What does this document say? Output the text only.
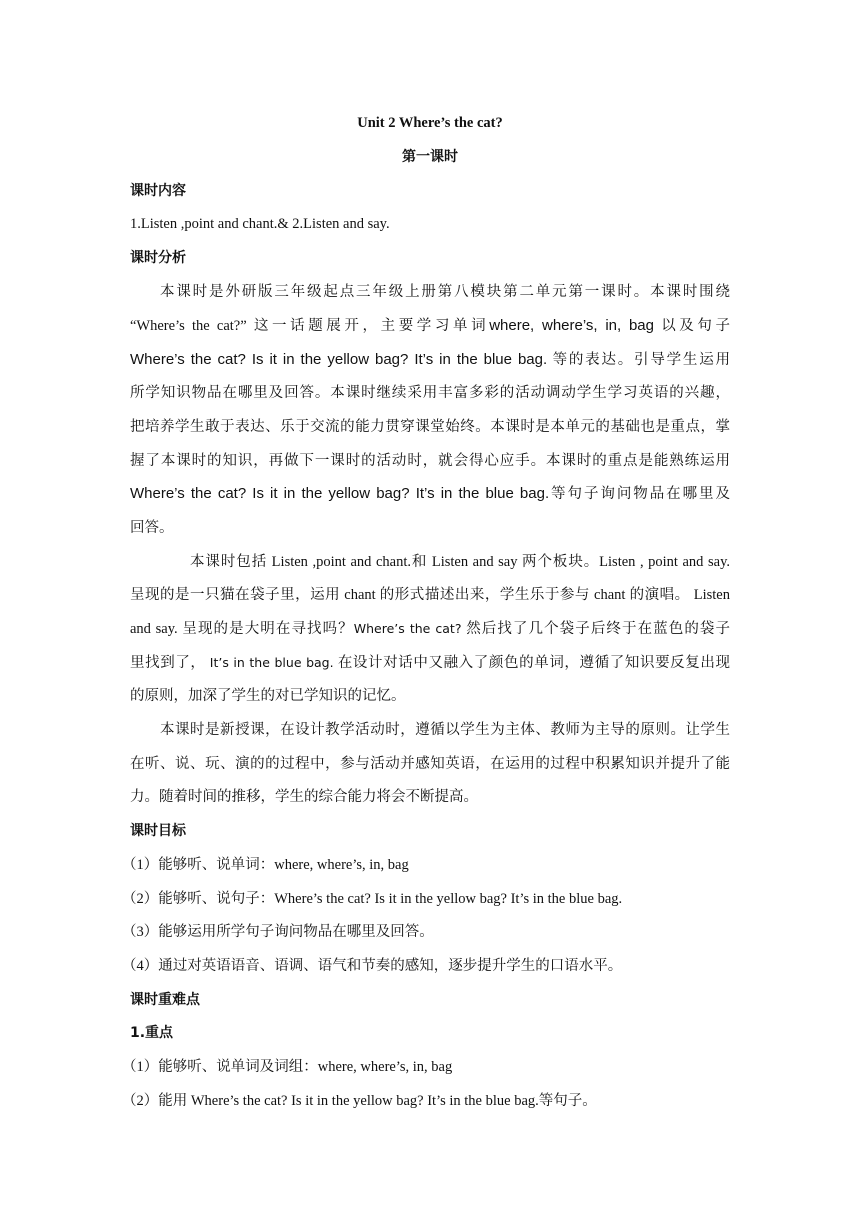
Unit 2 Where’s the cat?
第一课时
课时内容
1.Listen ,point and chant.& 2.Listen and say.
课时分析
本课时是外研版三年级起点三年级上册第八模块第二单元第一课时。本课时围绕
“Where’s the cat?” 这一话题展开，主要学习单词where, where’s, in, bag 以及句子
Where’s the cat? Is it in the yellow bag? It’s in the blue bag. 等的表达。引导学生运用
所学知识物品在哪里及回答。本课时继续采用丰富多彩的活动调动学生学习英语的兴趣，
把培养学生敢于表达、乐于交流的能力贯穿课堂始终。本课时是本单元的基础也是重点，掌
握了本课时的知识，再做下一课时的活动时，就会得心应手。本课时的重点是能熟练运用
Where’s the cat? Is it in the yellow bag? It’s in the blue bag.等句子询问物品在哪里及
回答。
本课时包括 Listen ,point and chant.和 Listen and say 两个板块。Listen , point and say.
呈现的是一只猫在袋子里，运用 chant 的形式描述出来，学生乐于参与 chant 的演唱。 Listen
and say. 呈现的是大明在寻找吗？Where’s the cat? 然后找了几个袋子后终于在蓝色的袋子
里找到了， It’s in the blue bag. 在设计对话中又融入了颜色的单词，遵循了知识要反复出现
的原则，加深了学生的对已学知识的记忆。
本课时是新授课，在设计教学活动时，遵循以学生为主体、教师为主导的原则。让学生
在听、说、玩、演的的过程中，参与活动并感知英语，在运用的过程中积累知识并提升了能
力。随着时间的推移，学生的综合能力将会不断提高。
课时目标
（1）能够听、说单词：where, where’s, in, bag
（2）能够听、说句子：Where’s the cat? Is it in the yellow bag? It’s in the blue bag.
（3）能够运用所学句子询问物品在哪里及回答。
（4）通过对英语语音、语调、语气和节奏的感知，逐步提升学生的口语水平。
课时重难点
1.重点
（1）能够听、说单词及词组：where, where’s, in, bag
（2）能用 Where’s the cat? Is it in the yellow bag? It’s in the blue bag.等句子。
